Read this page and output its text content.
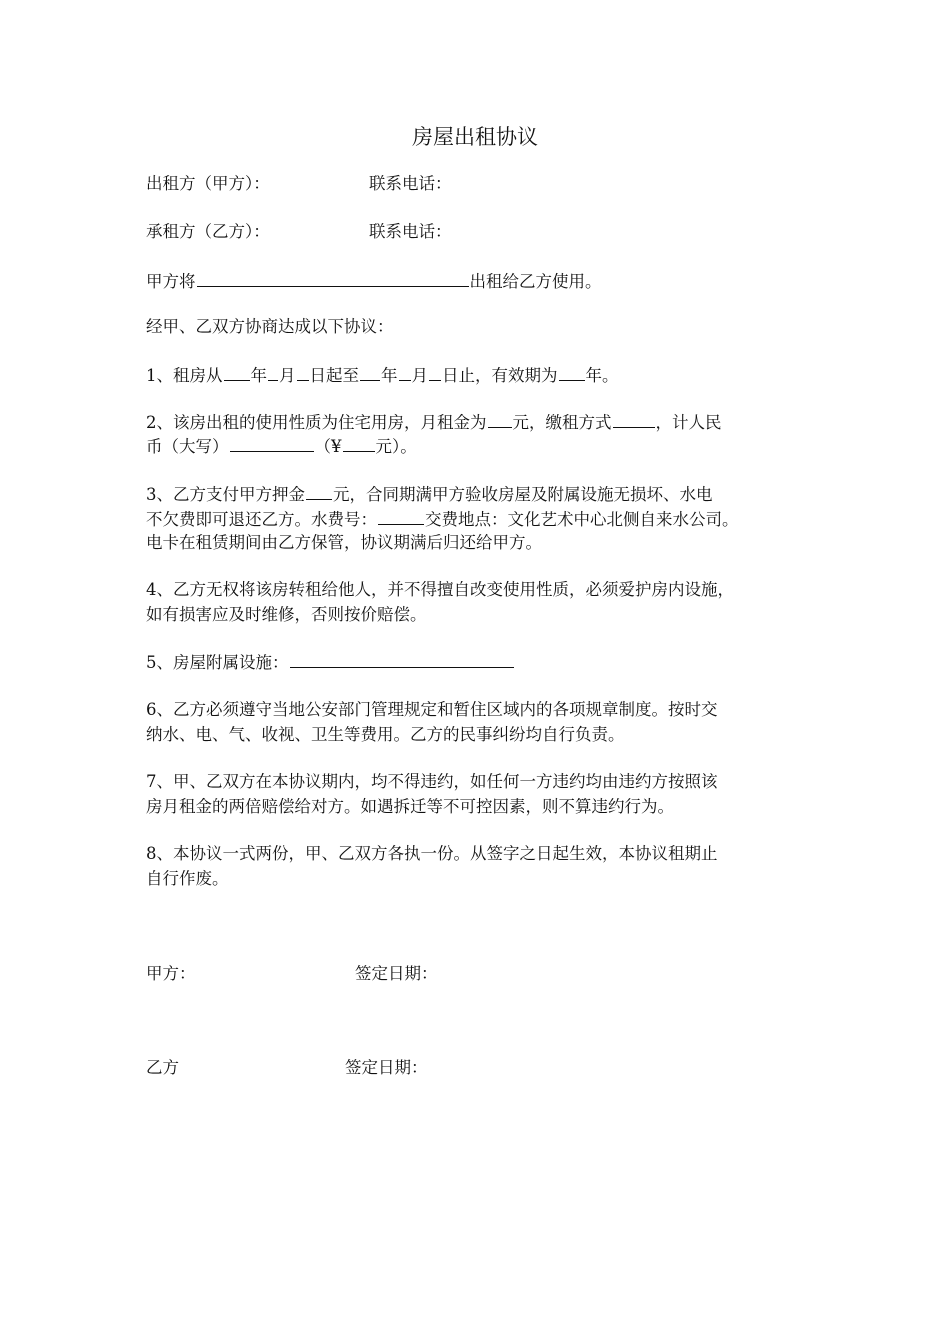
房屋出租协议
出租方（甲方）：	联系电话：
承租方（乙方）：	联系电话：
甲方将	出租给乙方使用。
经甲、乙双方协商达成以下协议：
1、租房从 年 月 日起至 年 月 日止，有效期为 年。
2、该房出租的使用性质为住宅用房，月租金为 元，缴租方式	，计人民
币（大写）	（¥ 元）。
3、乙方支付甲方押金 元，合同期满甲方验收房屋及附属设施无损坏、水电
不欠费即可退还乙方。水费号：	交费地点：文化艺术中心北侧自来水公司。
电卡在租赁期间由乙方保管，协议期满后归还给甲方。
4、乙方无权将该房转租给他人，并不得擅自改变使用性质，必须爱护房内设施，
如有损害应及时维修，否则按价赔偿。
5、房屋附属设施：
6、乙方必须遵守当地公安部门管理规定和暂住区域内的各项规章制度。按时交
纳水、电、气、收视、卫生等费用。乙方的民事纠纷均自行负责。
7、甲、乙双方在本协议期内，均不得违约，如任何一方违约均由违约方按照该
房月租金的两倍赔偿给对方。如遇拆迁等不可控因素，则不算违约行为。
8、本协议一式两份，甲、乙双方各执一份。从签字之日起生效，本协议租期止
自行作废。
甲方：	签定日期：
乙方	签定日期：
